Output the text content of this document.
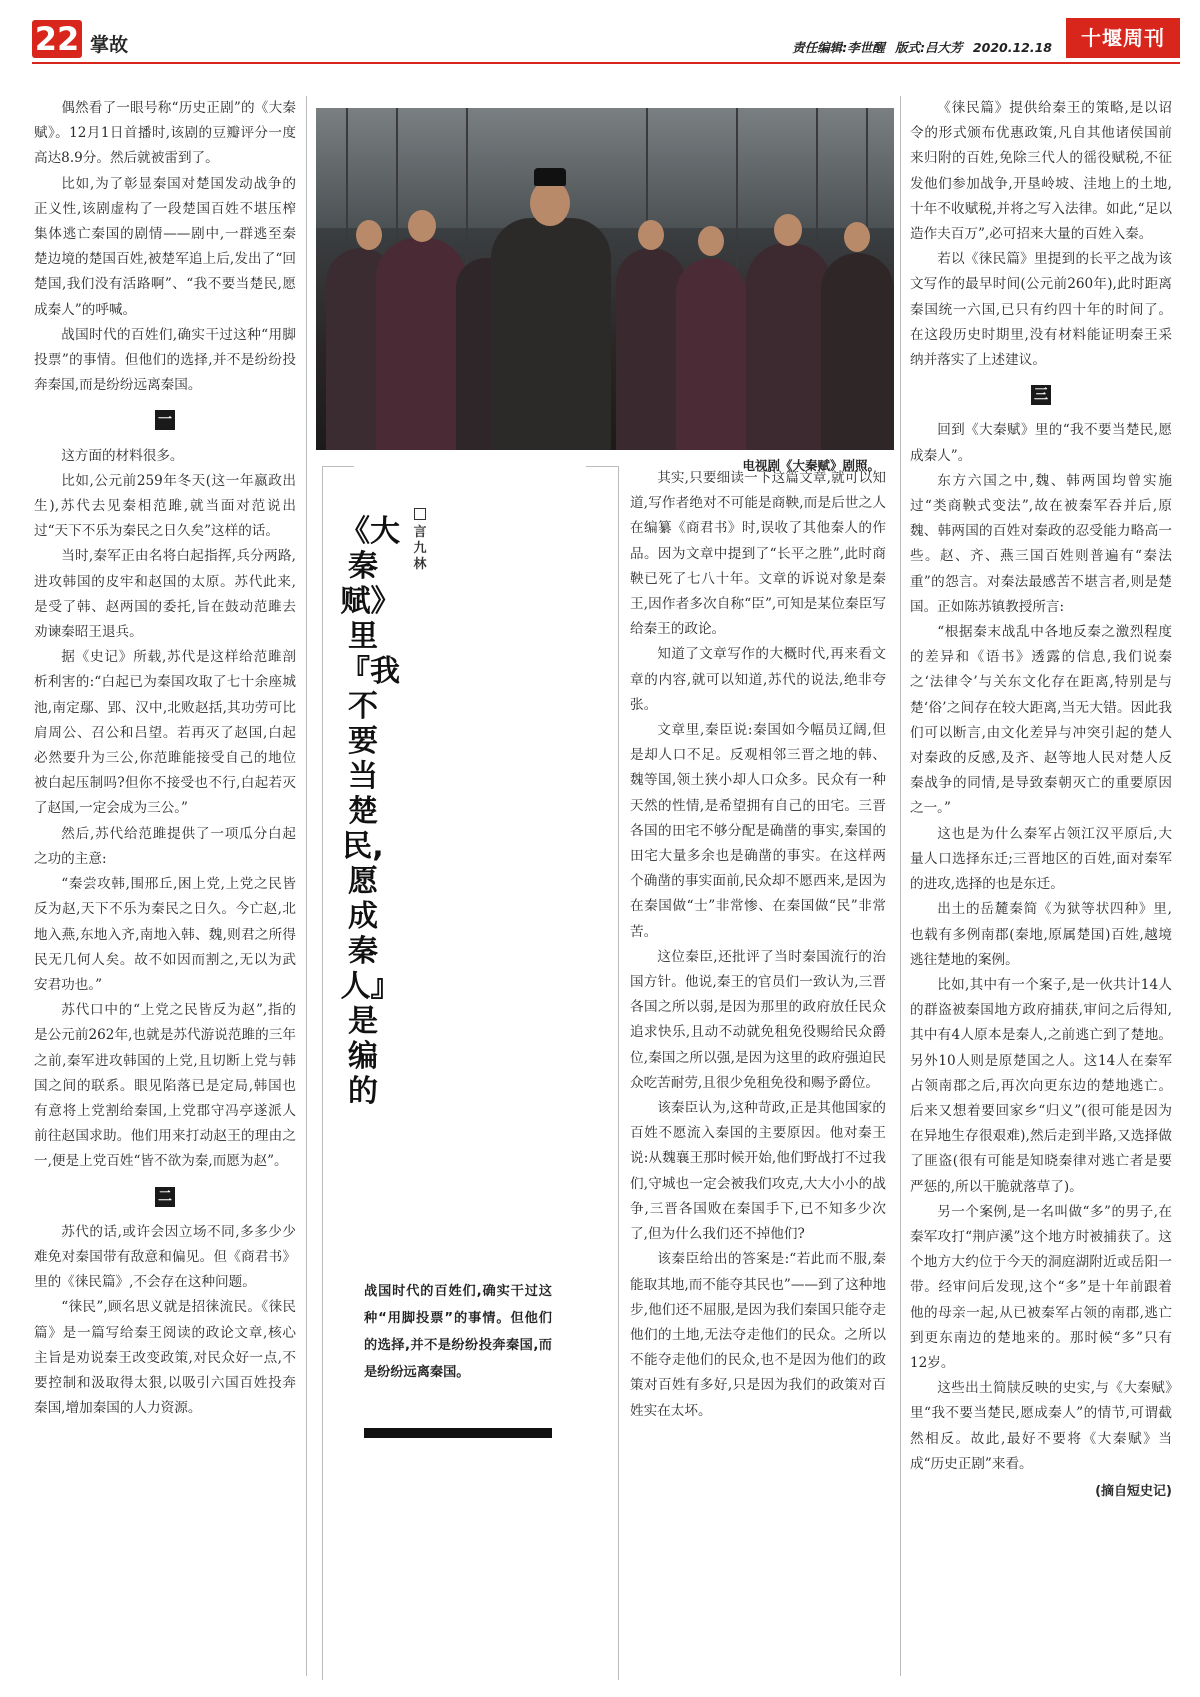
22 掌故	责任编辑:李世醒 版式:吕大芳 2020.12.18	十堰周刊

偶然看了一眼号称“历史正剧”的《大秦赋》。12月1日首播时,该剧的豆瓣评分一度高达8.9分。然后就被雷到了。

比如,为了彰显秦国对楚国发动战争的正义性,该剧虚构了一段楚国百姓不堪压榨集体逃亡秦国的剧情——剧中,一群逃至秦楚边境的楚国百姓,被楚军追上后,发出了“回楚国,我们没有活路啊”、“我不要当楚民,愿成秦人”的呼喊。

战国时代的百姓们,确实干过这种“用脚投票”的事情。但他们的选择,并不是纷纷投奔秦国,而是纷纷远离秦国。

一

这方面的材料很多。

比如,公元前259年冬天(这一年嬴政出生),苏代去见秦相范雎,就当面对范说出过“天下不乐为秦民之日久矣”这样的话。

当时,秦军正由名将白起指挥,兵分两路,进攻韩国的皮牢和赵国的太原。苏代此来,是受了韩、赵两国的委托,旨在鼓动范雎去劝谏秦昭王退兵。

据《史记》所载,苏代是这样给范雎剖析利害的:“白起已为秦国攻取了七十余座城池,南定鄢、郢、汉中,北败赵括,其功劳可比肩周公、召公和吕望。若再灭了赵国,白起必然要升为三公,你范雎能接受自己的地位被白起压制吗?但你不接受也不行,白起若灭了赵国,一定会成为三公。”

然后,苏代给范雎提供了一项瓜分白起之功的主意:

“秦尝攻韩,围邢丘,困上党,上党之民皆反为赵,天下不乐为秦民之日久。今亡赵,北地入燕,东地入齐,南地入韩、魏,则君之所得民无几何人矣。故不如因而割之,无以为武安君功也。”

苏代口中的“上党之民皆反为赵”,指的是公元前262年,也就是苏代游说范雎的三年之前,秦军进攻韩国的上党,且切断上党与韩国之间的联系。眼见陷落已是定局,韩国也有意将上党割给秦国,上党郡守冯亭遂派人前往赵国求助。他们用来打动赵王的理由之一,便是上党百姓“皆不欲为秦,而愿为赵”。

二

苏代的话,或许会因立场不同,多多少少难免对秦国带有敌意和偏见。但《商君书》里的《徕民篇》,不会存在这种问题。

“徕民”,顾名思义就是招徕流民。《徕民篇》是一篇写给秦王阅读的政论文章,核心主旨是劝说秦王改变政策,对民众好一点,不要控制和汲取得太狠,以吸引六国百姓投奔秦国,增加秦国的人力资源。

电视剧《大秦赋》剧照。
言
九
林
《大秦赋》里『我不要当楚民,愿成秦人』是编的
战国时代的百姓们,确实干过这种“用脚投票”的事情。但他们的选择,并不是纷纷投奔秦国,而是纷纷远离秦国。

其实,只要细读一下这篇文章,就可以知道,写作者绝对不可能是商鞅,而是后世之人在编纂《商君书》时,误收了其他秦人的作品。因为文章中提到了“长平之胜”,此时商鞅已死了七八十年。文章的诉说对象是秦王,因作者多次自称“臣”,可知是某位秦臣写给秦王的政论。

知道了文章写作的大概时代,再来看文章的内容,就可以知道,苏代的说法,绝非夸张。

文章里,秦臣说:秦国如今幅员辽阔,但是却人口不足。反观相邻三晋之地的韩、魏等国,领土狭小却人口众多。民众有一种天然的性情,是希望拥有自己的田宅。三晋各国的田宅不够分配是确凿的事实,秦国的田宅大量多余也是确凿的事实。在这样两个确凿的事实面前,民众却不愿西来,是因为在秦国做“士”非常惨、在秦国做“民”非常苦。

这位秦臣,还批评了当时秦国流行的治国方针。他说,秦王的官员们一致认为,三晋各国之所以弱,是因为那里的政府放任民众追求快乐,且动不动就免租免役赐给民众爵位,秦国之所以强,是因为这里的政府强迫民众吃苦耐劳,且很少免租免役和赐予爵位。

该秦臣认为,这种苛政,正是其他国家的百姓不愿流入秦国的主要原因。他对秦王说:从魏襄王那时候开始,他们野战打不过我们,守城也一定会被我们攻克,大大小小的战争,三晋各国败在秦国手下,已不知多少次了,但为什么我们还不掉他们?

该秦臣给出的答案是:“若此而不服,秦能取其地,而不能夺其民也”——到了这种地步,他们还不屈服,是因为我们秦国只能夺走他们的土地,无法夺走他们的民众。之所以不能夺走他们的民众,也不是因为他们的政策对百姓有多好,只是因为我们的政策对百姓实在太坏。

《徕民篇》提供给秦王的策略,是以诏令的形式颁布优惠政策,凡自其他诸侯国前来归附的百姓,免除三代人的徭役赋税,不征发他们参加战争,开垦岭坡、洼地上的土地,十年不收赋税,并将之写入法律。如此,“足以造作夫百万”,必可招来大量的百姓入秦。

若以《徕民篇》里提到的长平之战为该文写作的最早时间(公元前260年),此时距离秦国统一六国,已只有约四十年的时间了。在这段历史时期里,没有材料能证明秦王采纳并落实了上述建议。

三

回到《大秦赋》里的“我不要当楚民,愿成秦人”。

东方六国之中,魏、韩两国均曾实施过“类商鞅式变法”,故在被秦军吞并后,原魏、韩两国的百姓对秦政的忍受能力略高一些。赵、齐、燕三国百姓则普遍有“秦法重”的怨言。对秦法最感苦不堪言者,则是楚国。正如陈苏镇教授所言:

“根据秦末战乱中各地反秦之激烈程度的差异和《语书》透露的信息,我们说秦之‘法律令’与关东文化存在距离,特别是与楚‘俗’之间存在较大距离,当无大错。因此我们可以断言,由文化差异与冲突引起的楚人对秦政的反感,及齐、赵等地人民对楚人反秦战争的同情,是导致秦朝灭亡的重要原因之一。”

这也是为什么秦军占领江汉平原后,大量人口选择东迁;三晋地区的百姓,面对秦军的进攻,选择的也是东迁。

出土的岳麓秦简《为狱等状四种》里,也载有多例南郡(秦地,原属楚国)百姓,越境逃往楚地的案例。

比如,其中有一个案子,是一伙共计14人的群盗被秦国地方政府捕获,审问之后得知,其中有4人原本是秦人,之前逃亡到了楚地。另外10人则是原楚国之人。这14人在秦军占领南郡之后,再次向更东边的楚地逃亡。后来又想着要回家乡“归义”(很可能是因为在异地生存很艰难),然后走到半路,又选择做了匪盗(很有可能是知晓秦律对逃亡者是要严惩的,所以干脆就落草了)。

另一个案例,是一名叫做“多”的男子,在秦军攻打“荆庐溪”这个地方时被捕获了。这个地方大约位于今天的洞庭湖附近或岳阳一带。经审问后发现,这个“多”是十年前跟着他的母亲一起,从已被秦军占领的南郡,逃亡到更东南边的楚地来的。那时候“多”只有12岁。

这些出土简牍反映的史实,与《大秦赋》里“我不要当楚民,愿成秦人”的情节,可谓截然相反。故此,最好不要将《大秦赋》当成“历史正剧”来看。

(摘自短史记)
